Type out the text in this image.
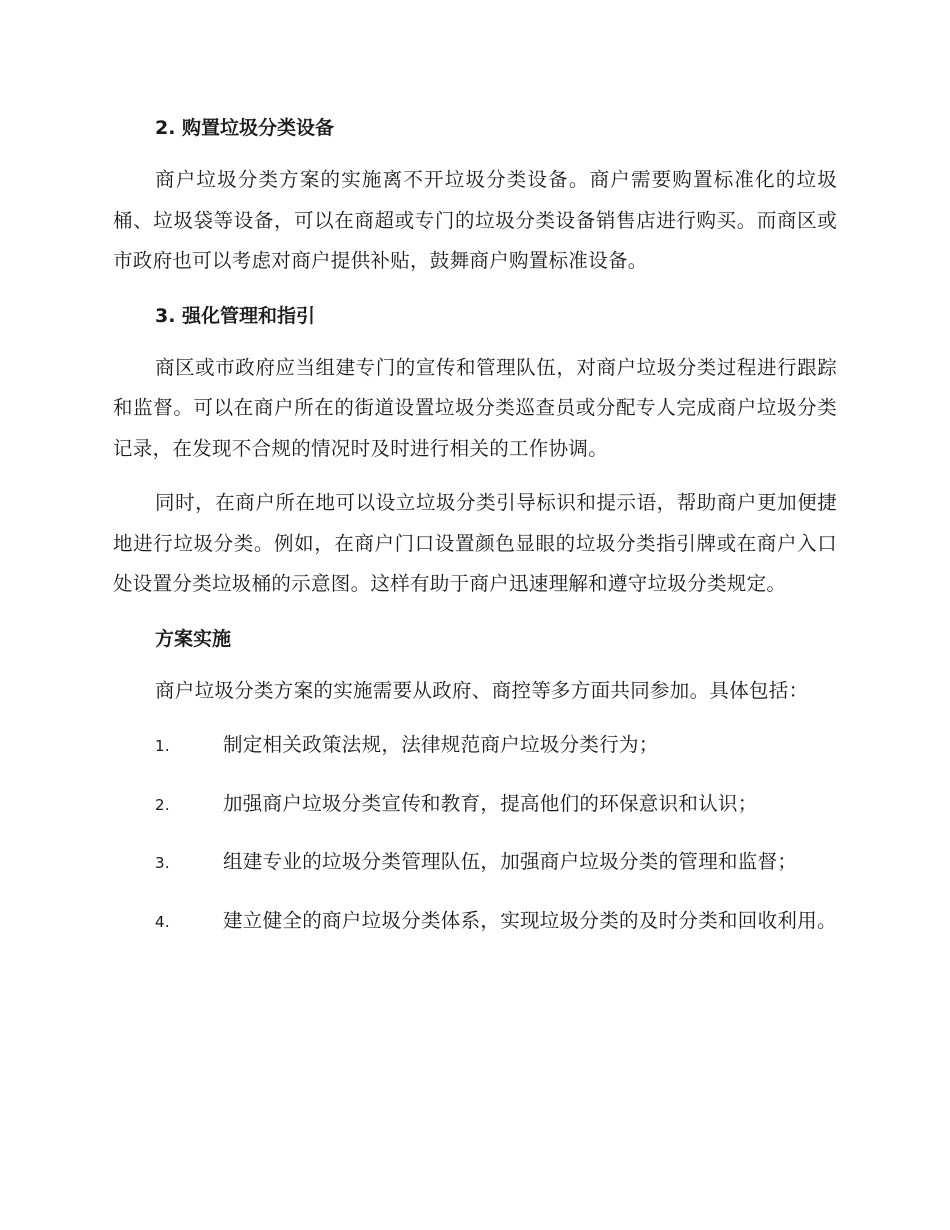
2. 购置垃圾分类设备

商户垃圾分类方案的实施离不开垃圾分类设备。商户需要购置标准化的垃圾桶、垃圾袋等设备，可以在商超或专门的垃圾分类设备销售店进行购买。而商区或市政府也可以考虑对商户提供补贴，鼓舞商户购置标准设备。

3. 强化管理和指引

商区或市政府应当组建专门的宣传和管理队伍，对商户垃圾分类过程进行跟踪和监督。可以在商户所在的街道设置垃圾分类巡查员或分配专人完成商户垃圾分类记录，在发现不合规的情况时及时进行相关的工作协调。

同时，在商户所在地可以设立垃圾分类引导标识和提示语，帮助商户更加便捷地进行垃圾分类。例如，在商户门口设置颜色显眼的垃圾分类指引牌或在商户入口处设置分类垃圾桶的示意图。这样有助于商户迅速理解和遵守垃圾分类规定。

方案实施

商户垃圾分类方案的实施需要从政府、商控等多方面共同参加。具体包括：

1.	制定相关政策法规，法律规范商户垃圾分类行为；

2.	加强商户垃圾分类宣传和教育，提高他们的环保意识和认识；

3.	组建专业的垃圾分类管理队伍，加强商户垃圾分类的管理和监督；

4.	建立健全的商户垃圾分类体系，实现垃圾分类的及时分类和回收利用。
